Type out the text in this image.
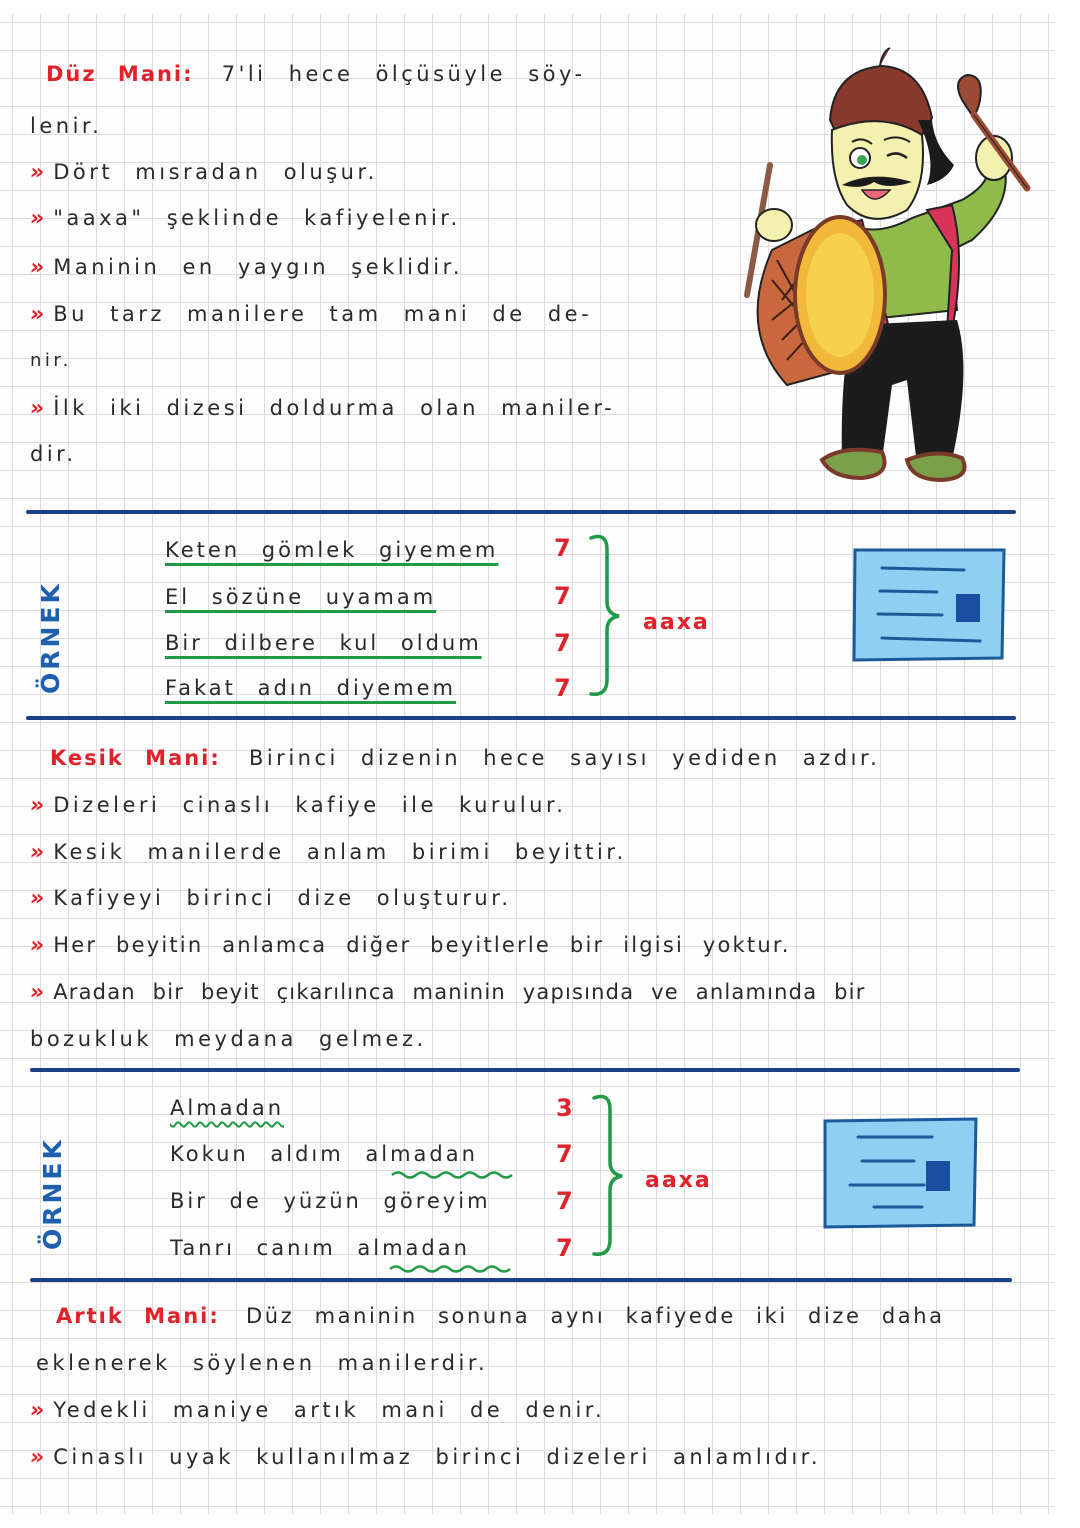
Düz Mani: 7'li hece ölçüsüyle söy-
lenir.
» Dört mısradan oluşur.
» "aaxa" şeklinde kafiyelenir.
» Maninin en yaygın şeklidir.
» Bu tarz manilere tam mani de de-
nir.
» İlk iki dizesi doldurma olan maniler-
dir.
ÖRNEK
Keten gömlek giyemem
El sözüne uyamam
Bir dilbere kul oldum
Fakat adın diyemem
7
7
7
7
aaxa
Kesik Mani: Birinci dizenin hece sayısı yediden azdır.
» Dizeleri cinaslı kafiye ile kurulur.
» Kesik manilerde anlam birimi beyittir.
» Kafiyeyi birinci dize oluşturur.
» Her beyitin anlamca diğer beyitlerle bir ilgisi yoktur.
» Aradan bir beyit çıkarılınca maninin yapısında ve anlamında bir
bozukluk meydana gelmez.
ÖRNEK
Almadan
Kokun aldım almadan
Bir de yüzün göreyim
Tanrı canım almadan
3
7
7
7
aaxa
Artık Mani: Düz maninin sonuna aynı kafiyede iki dize daha
eklenerek söylenen manilerdir.
» Yedekli maniye artık mani de denir.
» Cinaslı uyak kullanılmaz birinci dizeleri anlamlıdır.
